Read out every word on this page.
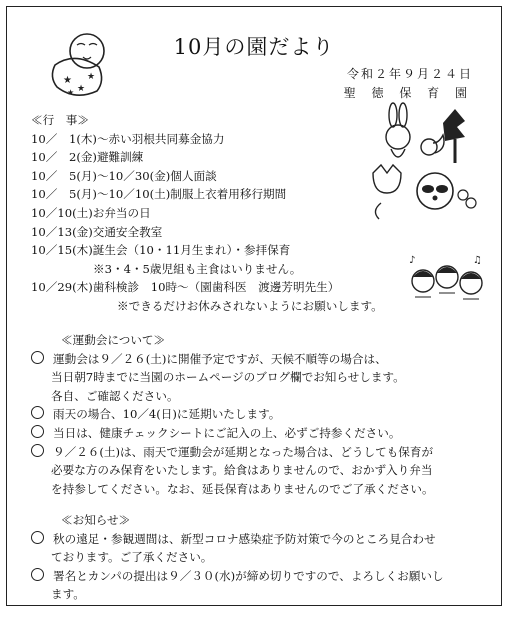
10月の園だより
令和２年９月２４日
聖 徳 保 育 園
★
★
★
★
♪	♫
≪行　事≫
10／　1(木)～赤い羽根共同募金協力
10／　2(金)避難訓練
10／　5(月)～10／30(金)個人面談
10／　5(月)～10／10(土)制服上衣着用移行期間
10／10(土)お弁当の日
10／13(金)交通安全教室
10／15(木)誕生会（10・11月生まれ）・参拝保育
※3・4・5歳児組も主食はいりません。
10／29(木)歯科検診　10時～（園歯科医　渡邊芳明先生）
※できるだけお休みされないようにお願いします。
≪運動会について≫
運動会は９／２６(土)に開催予定ですが、天候不順等の場合は、
当日朝7時までに当園のホームページのブログ欄でお知らせします。
各自、ご確認ください。
雨天の場合、10／4(日)に延期いたします。
当日は、健康チェックシートにご記入の上、必ずご持参ください。
９／２６(土)は、雨天で運動会が延期となった場合は、どうしても保育が
必要な方のみ保育をいたします。給食はありませんので、おかず入り弁当
を持参してください。なお、延長保育はありませんのでご了承ください。
≪お知らせ≫
秋の遠足・参観週間は、新型コロナ感染症予防対策で今のところ見合わせ
ております。ご了承ください。
署名とカンパの提出は９／３０(水)が締め切りですので、よろしくお願いし
ます。
